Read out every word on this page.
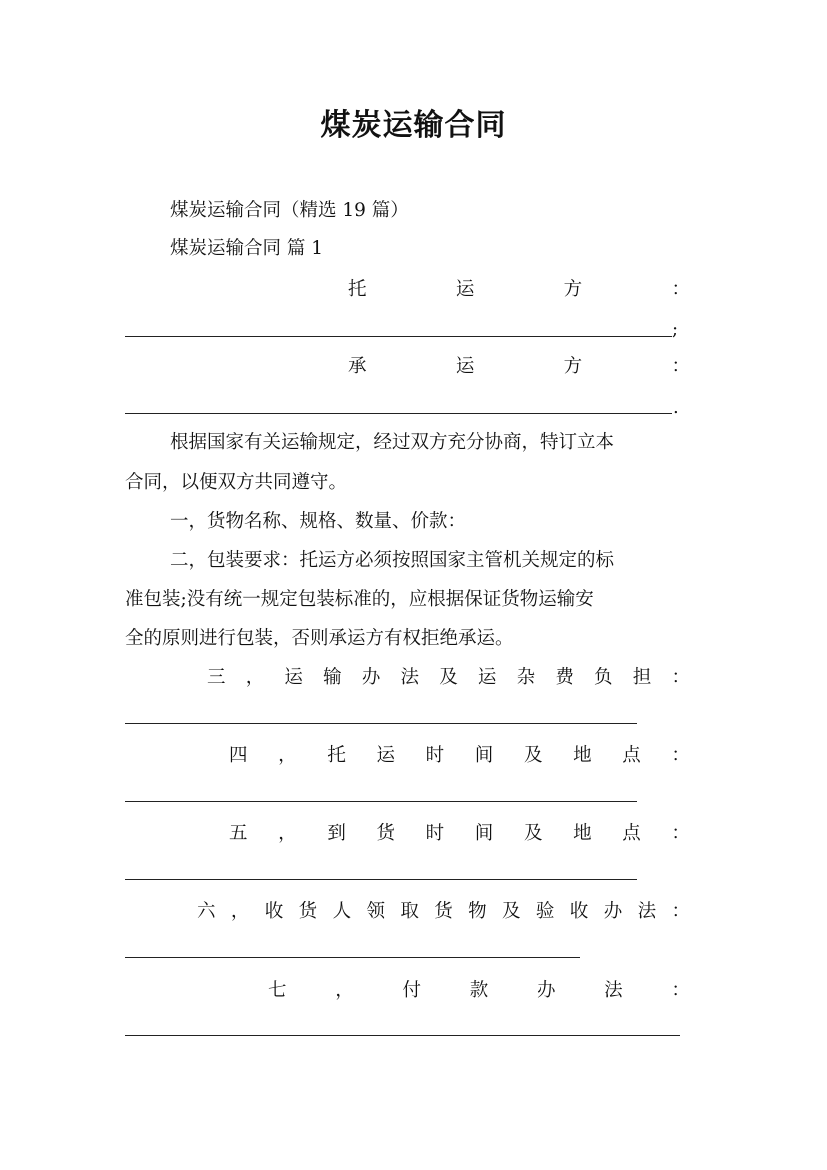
煤炭运输合同
煤炭运输合同（精选 19 篇）
煤炭运输合同 篇 1
托	运	方	：
;
承	运	方	：
.
根据国家有关运输规定，经过双方充分协商，特订立本
合同，以便双方共同遵守。
一，货物名称、规格、数量、价款：
二，包装要求：托运方必须按照国家主管机关规定的标
准包装;没有统一规定包装标准的，应根据保证货物运输安
全的原则进行包装，否则承运方有权拒绝承运。
三 ， 运 输 办 法 及 运 杂 费 负 担 ：
四 ， 托 运 时 间 及 地 点 ：
五 ， 到 货 时 间 及 地 点 ：
六 ， 收 货 人 领 取 货 物 及 验 收 办 法 ：
七	，	付	款	办	法	：
